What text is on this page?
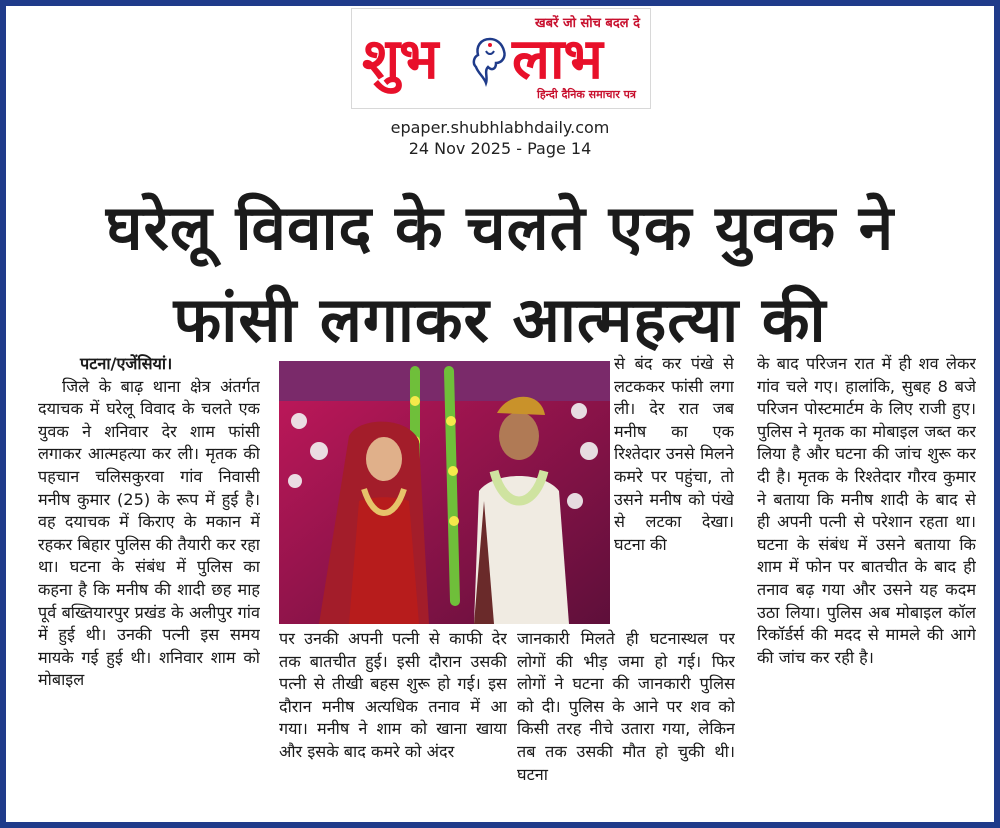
खबरें जो सोच बदल दे
शुभ लाभ
हिन्दी दैनिक समाचार पत्र
epaper.shubhlabhdaily.com
24 Nov 2025 - Page 14
घरेलू विवाद के चलते एक युवक ने
फांसी लगाकर आत्महत्या की
पटना/एजेंसियां।

जिले के बाढ़ थाना क्षेत्र अंतर्गत दयाचक में घरेलू विवाद के चलते एक युवक ने शनिवार देर शाम फांसी लगाकर आत्महत्या कर ली। मृतक की पहचान चलिसकुरवा गांव निवासी मनीष कुमार (25) के रूप में हुई है। वह दयाचक में किराए के मकान में रहकर बिहार पुलिस की तैयारी कर रहा था। घटना के संबंध में पुलिस का कहना है कि मनीष की शादी छह माह पूर्व बख्तियारपुर प्रखंड के अलीपुर गांव में हुई थी। उनकी पत्नी इस समय मायके गई हुई थी। शनिवार शाम को मोबाइल

पर उनकी अपनी पत्नी से काफी देर तक बातचीत हुई। इसी दौरान उसकी पत्नी से तीखी बहस शुरू हो गई। इस दौरान मनीष अत्यधिक तनाव में आ गया। मनीष ने शाम को खाना खाया और इसके बाद कमरे को अंदर

से बंद कर पंखे से लटककर फांसी लगा ली। देर रात जब मनीष का एक रिश्तेदार उनसे मिलने कमरे पर पहुंचा, तो उसने मनीष को पंखे से लटका देखा। घटना की

जानकारी मिलते ही घटनास्थल पर लोगों की भीड़ जमा हो गई। फिर लोगों ने घटना की जानकारी पुलिस को दी। पुलिस के आने पर शव को किसी तरह नीचे उतारा गया, लेकिन तब तक उसकी मौत हो चुकी थी। घटना

के बाद परिजन रात में ही शव लेकर गांव चले गए। हालांकि, सुबह 8 बजे परिजन पोस्टमार्टम के लिए राजी हुए। पुलिस ने मृतक का मोबाइल जब्त कर लिया है और घटना की जांच शुरू कर दी है। मृतक के रिश्तेदार गौरव कुमार ने बताया कि मनीष शादी के बाद से ही अपनी पत्नी से परेशान रहता था। घटना के संबंध में उसने बताया कि शाम में फोन पर बातचीत के बाद ही तनाव बढ़ गया और उसने यह कदम उठा लिया। पुलिस अब मोबाइल कॉल रिकॉर्डर्स की मदद से मामले की आगे की जांच कर रही है।
